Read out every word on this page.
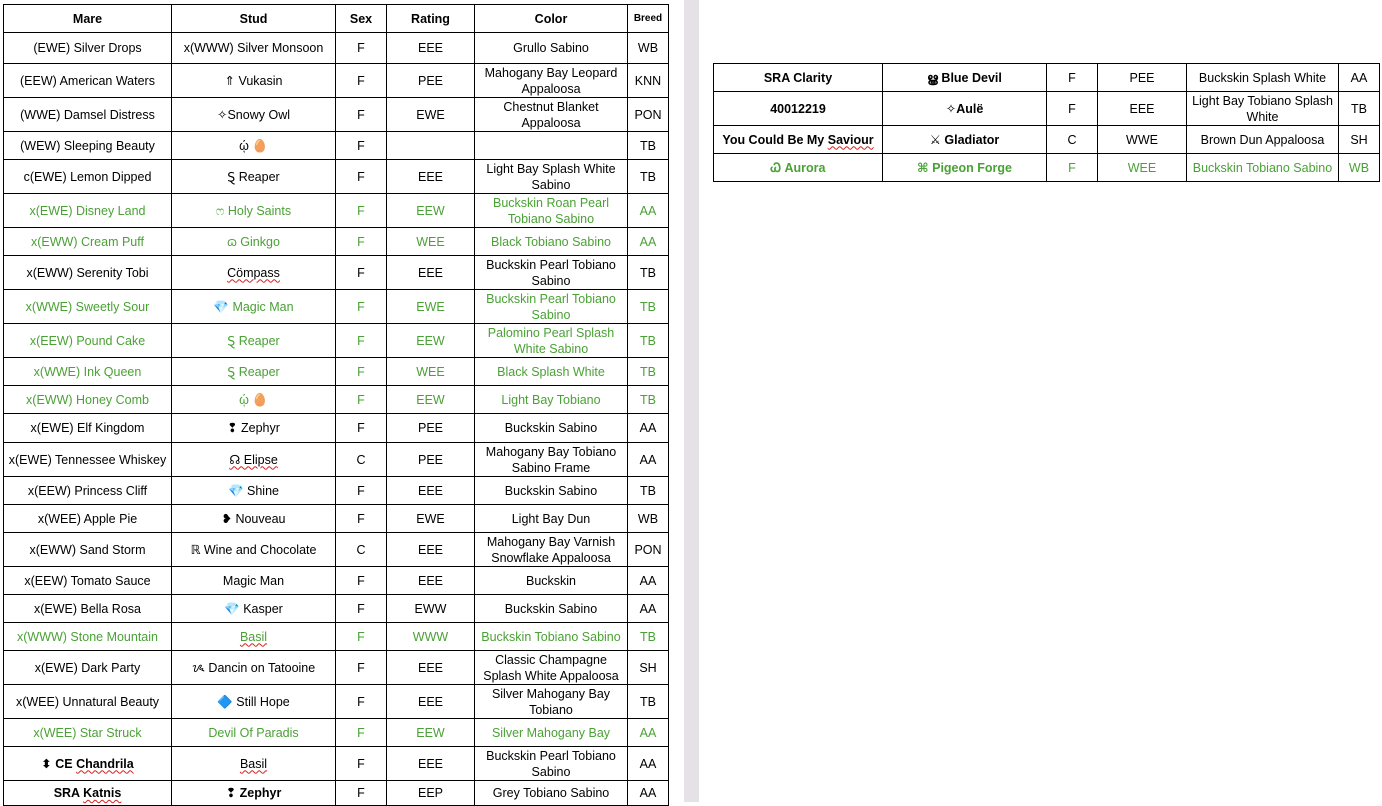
Mare	Stud	Sex	Rating	Color	Breed
(EWE) Silver Drops	x(WWW) Silver Monsoon	F	EEE	Grullo Sabino	WB
(EEW) American Waters	⇑ Vukasin	F	PEE	Mahogany Bay Leopard Appaloosa	KNN
(WWE) Damsel Distress	✧Snowy Owl	F	EWE	Chestnut Blanket Appaloosa	PON
(WEW) Sleeping Beauty	ῴ 🥚	F			TB
c(EWE) Lemon Dipped	Ȿ Reaper	F	EEE	Light Bay Splash White Sabino	TB
x(EWE) Disney Land	ෆ Holy Saints	F	EEW	Buckskin Roan Pearl Tobiano Sabino	AA
x(EWW) Cream Puff	ɷ Ginkgo	F	WEE	Black Tobiano Sabino	AA
x(EWW) Serenity Tobi	Cömpass	F	EEE	Buckskin Pearl Tobiano Sabino	TB
x(WWE) Sweetly Sour	💎 Magic Man	F	EWE	Buckskin Pearl Tobiano Sabino	TB
x(EEW) Pound Cake	Ȿ Reaper	F	EEW	Palomino Pearl Splash White Sabino	TB
x(WWE) Ink Queen	Ȿ Reaper	F	WEE	Black Splash White	TB
x(EWW) Honey Comb	ῴ 🥚	F	EEW	Light Bay Tobiano	TB
x(EWE) Elf Kingdom	❢ Zephyr	F	PEE	Buckskin Sabino	AA
x(EWE) Tennessee Whiskey	☊ Elipse	C	PEE	Mahogany Bay Tobiano Sabino Frame	AA
x(EEW) Princess Cliff	💎 Shine	F	EEE	Buckskin Sabino	TB
x(WEE) Apple Pie	❥ Nouveau	F	EWE	Light Bay Dun	WB
x(EWW) Sand Storm	ℝ Wine and Chocolate	C	EEE	Mahogany Bay Varnish Snowflake Appaloosa	PON
x(EEW) Tomato Sauce	Magic Man	F	EEE	Buckskin	AA
x(EWE) Bella Rosa	💎 Kasper	F	EWW	Buckskin Sabino	AA
x(WWW) Stone Mountain	Basil	F	WWW	Buckskin Tobiano Sabino	TB
x(EWE) Dark Party	ᝰ Dancin on Tatooine	F	EEE	Classic Champagne Splash White Appaloosa	SH
x(WEE) Unnatural Beauty	🔷 Still Hope	F	EEE	Silver Mahogany Bay Tobiano	TB
x(WEE) Star Struck	Devil Of Paradis	F	EEW	Silver Mahogany Bay	AA
⬍ CE Chandrila	Basil	F	EEE	Buckskin Pearl Tobiano Sabino	AA
SRA Katnis	❢ Zephyr	F	EEP	Grey Tobiano Sabino	AA
SRA Clarity	ൠ Blue Devil	F	PEE	Buckskin Splash White	AA
40012219	✧Aulë	F	EEE	Light Bay Tobiano Splash White	TB
You Could Be My Saviour	⚔ Gladiator	C	WWE	Brown Dun Appaloosa	SH
Ꮗ Aurora	⌘ Pigeon Forge	F	WEE	Buckskin Tobiano Sabino	WB
